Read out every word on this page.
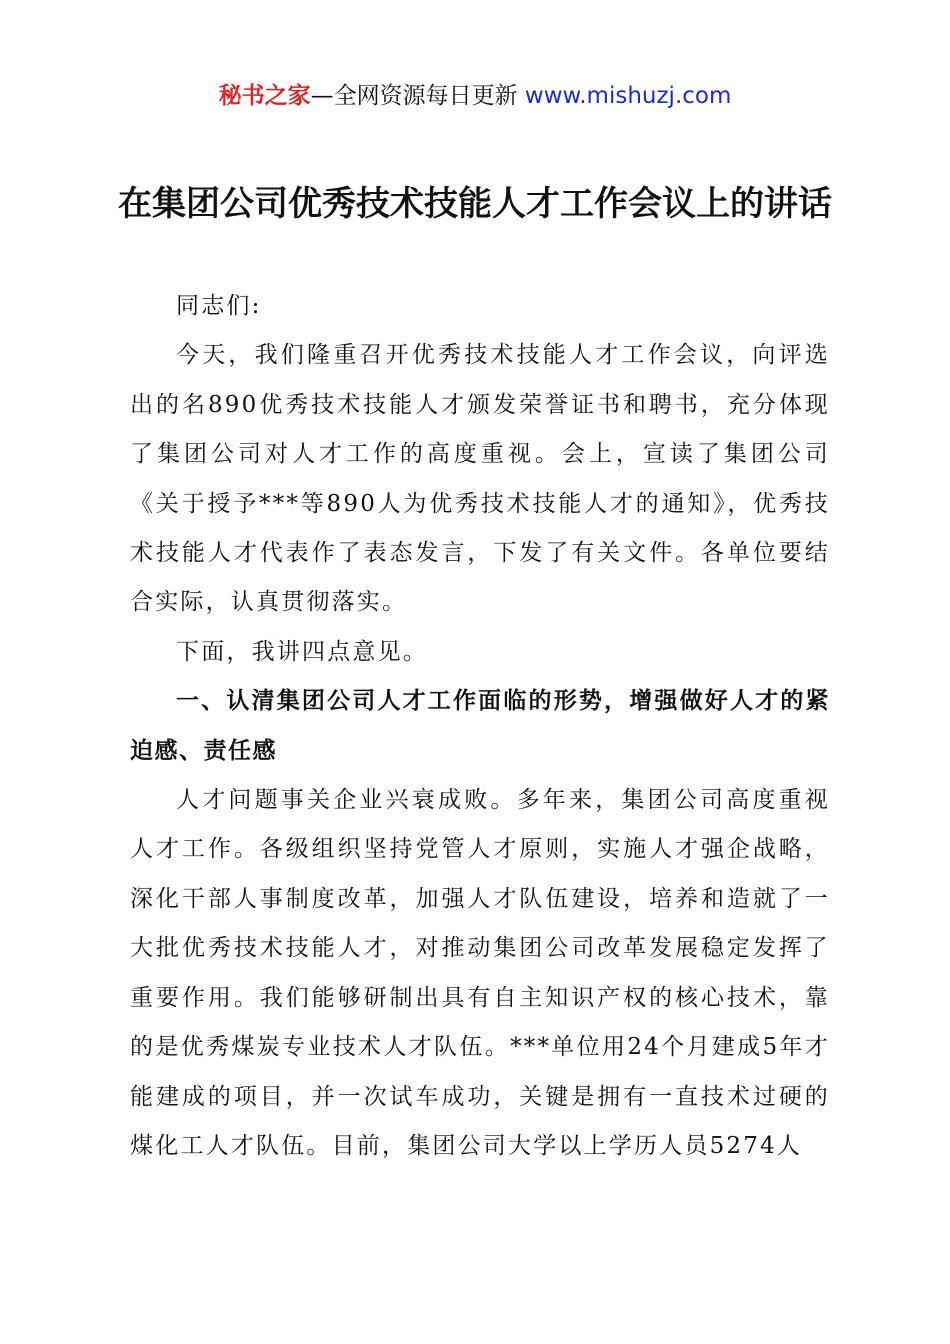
秘书之家—全网资源每日更新 www.mishuzj.com
在集团公司优秀技术技能人才工作会议上的讲话

同志们:

今天，我们隆重召开优秀技术技能人才工作会议，向评选出的名890优秀技术技能人才颁发荣誉证书和聘书，充分体现了集团公司对人才工作的高度重视。会上，宣读了集团公司《关于授予***等890人为优秀技术技能人才的通知》，优秀技术技能人才代表作了表态发言，下发了有关文件。各单位要结合实际，认真贯彻落实。

下面，我讲四点意见。

一、认清集团公司人才工作面临的形势，增强做好人才的紧迫感、责任感

人才问题事关企业兴衰成败。多年来，集团公司高度重视人才工作。各级组织坚持党管人才原则，实施人才强企战略，深化干部人事制度改革，加强人才队伍建设，培养和造就了一大批优秀技术技能人才，对推动集团公司改革发展稳定发挥了重要作用。我们能够研制出具有自主知识产权的核心技术，靠的是优秀煤炭专业技术人才队伍。***单位用24个月建成5年才能建成的项目，并一次试车成功，关键是拥有一直技术过硬的煤化工人才队伍。目前，集团公司大学以上学历人员5274人
